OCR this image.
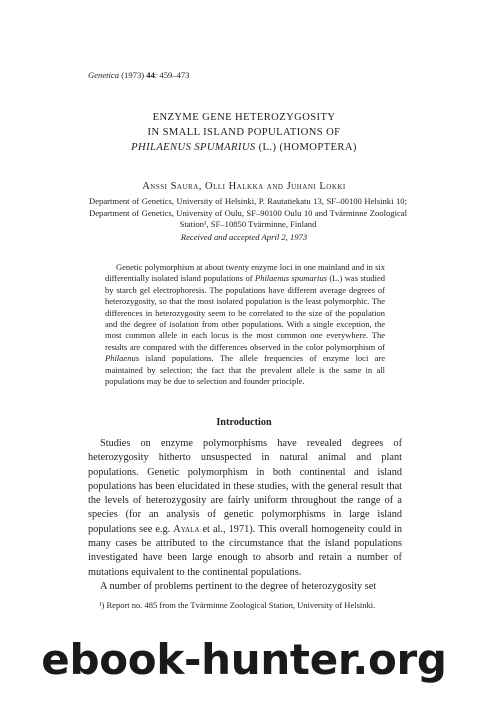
Genetica (1973) 44: 459–473
ENZYME GENE HETEROZYGOSITY
IN SMALL ISLAND POPULATIONS OF
PHILAENUS SPUMARIUS (L.) (HOMOPTERA)
Anssi Saura, Olli Halkka and Juhani Lokki
Department of Genetics, University of Helsinki, P. Rautatiekatu 13, SF–00100 Helsinki 10; Department of Genetics, University of Oulu, SF–90100 Oulu 10 and Tvärminne Zoological Station¹, SF–10850 Tvärminne, Finland
Received and accepted April 2, 1973

Genetic polymorphism at about twenty enzyme loci in one mainland and in six differentially isolated island populations of Philaenus spumarius (L.) was studied by starch gel electrophoresis. The populations have different average degrees of heterozygosity, so that the most isolated population is the least polymorphic. The differences in heterozygosity seem to be correlated to the size of the population and the degree of isolation from other populations. With a single exception, the most common allele in each locus is the most common one everywhere. The results are compared with the differences observed in the color polymorphism of Philaenus island populations. The allele frequencies of enzyme loci are maintained by selection; the fact that the prevalent allele is the same in all populations may be due to selection and founder principle.

Introduction

Studies on enzyme polymorphisms have revealed degrees of heterozygosity hitherto unsuspected in natural animal and plant populations. Genetic polymorphism in both continental and island populations has been elucidated in these studies, with the general result that the levels of heterozygosity are fairly uniform throughout the range of a species (for an analysis of genetic polymorphisms in large island populations see e.g. Ayala et al., 1971). This overall homogeneity could in many cases be attributed to the circumstance that the island populations investigated have been large enough to absorb and retain a number of mutations equivalent to the continental populations.

A number of problems pertinent to the degree of heterozygosity set

¹) Report no. 485 from the Tvärminne Zoological Station, University of Helsinki.

ebook-hunter.org
